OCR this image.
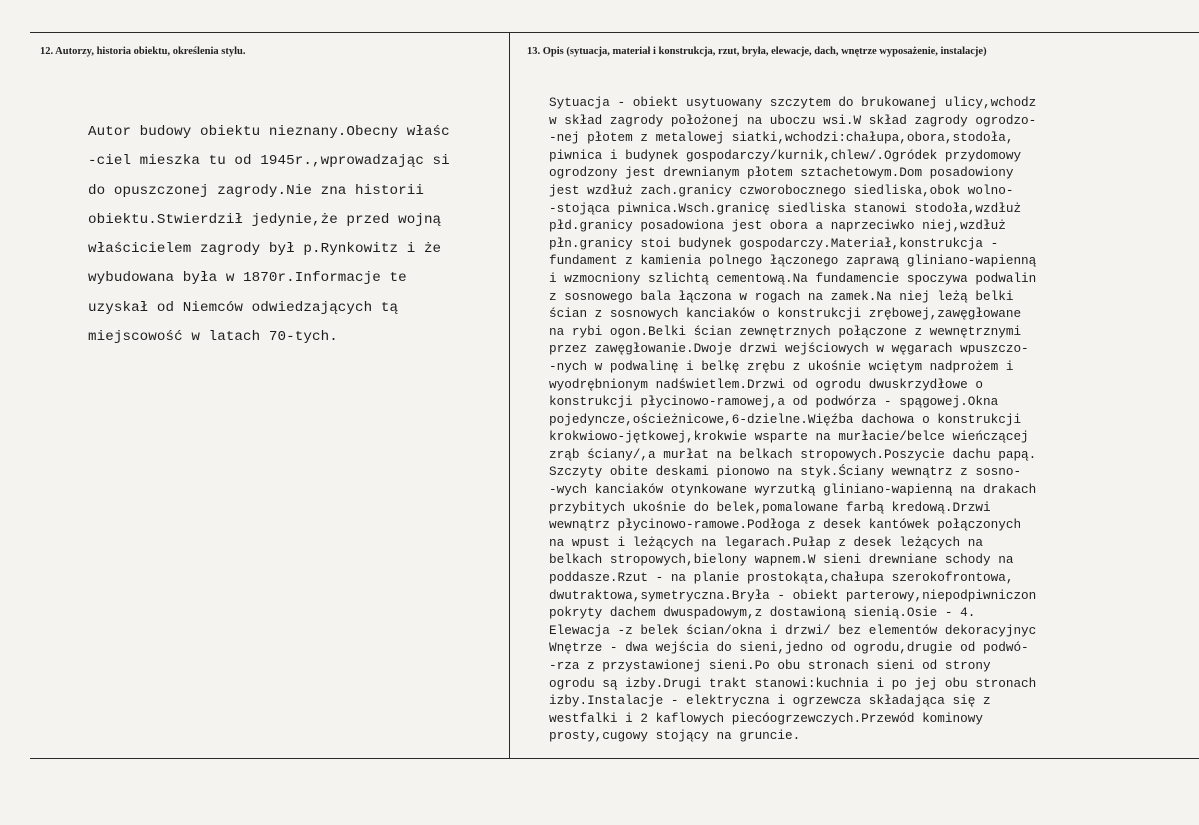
12. Autorzy, historia obiektu, określenia stylu.	13. Opis (sytuacja, materiał i konstrukcja, rzut, bryła, elewacje, dach, wnętrze wyposażenie, instalacje)
Autor budowy obiektu nieznany.Obecny właśc
-ciel mieszka tu od 1945r.,wprowadzając si
do opuszczonej zagrody.Nie zna historii
obiektu.Stwierdził jedynie,że przed wojną
właścicielem zagrody był p.Rynkowitz i że
wybudowana była w 1870r.Informacje te
uzyskał od Niemców odwiedzających tą
miejscowość w latach 70-tych.
Sytuacja - obiekt usytuowany szczytem do brukowanej ulicy,wchodz
w skład zagrody położonej na uboczu wsi.W skład zagrody ogrodzo-
-nej płotem z metalowej siatki,wchodzi:chałupa,obora,stodoła,
piwnica i budynek gospodarczy/kurnik,chlew/.Ogródek przydomowy
ogrodzony jest drewnianym płotem sztachetowym.Dom posadowiony
jest wzdłuż zach.granicy czworobocznego siedliska,obok wolno-
-stojąca piwnica.Wsch.granicę siedliska stanowi stodoła,wzdłuż
płd.granicy posadowiona jest obora a naprzeciwko niej,wzdłuż
płn.granicy stoi budynek gospodarczy.Materiał,konstrukcja -
fundament z kamienia polnego łączonego zaprawą gliniano-wapienną
i wzmocniony szlichtą cementową.Na fundamencie spoczywa podwalin
z sosnowego bala łączona w rogach na zamek.Na niej leżą belki
ścian z sosnowych kanciaków o konstrukcji zrębowej,zawęgłowane
na rybi ogon.Belki ścian zewnętrznych połączone z wewnętrznymi
przez zawęgłowanie.Dwoje drzwi wejściowych w węgarach wpuszczo-
-nych w podwalinę i belkę zrębu z ukośnie wciętym nadprożem i
wyodrębnionym nadświetlem.Drzwi od ogrodu dwuskrzydłowe o
konstrukcji płycinowo-ramowej,a od podwórza - spągowej.Okna
pojedyncze,ościeżnicowe,6-dzielne.Więźba dachowa o konstrukcji
krokwiowo-jętkowej,krokwie wsparte na murłacie/belce wieńczącej
zrąb ściany/,a murłat na belkach stropowych.Poszycie dachu papą.
Szczyty obite deskami pionowo na styk.Ściany wewnątrz z sosno-
-wych kanciaków otynkowane wyrzutką gliniano-wapienną na drakach
przybitych ukośnie do belek,pomalowane farbą kredową.Drzwi
wewnątrz płycinowo-ramowe.Podłoga z desek kantówek połączonych
na wpust i leżących na legarach.Pułap z desek leżących na
belkach stropowych,bielony wapnem.W sieni drewniane schody na
poddasze.Rzut - na planie prostokąta,chałupa szerokofrontowa,
dwutraktowa,symetryczna.Bryła - obiekt parterowy,niepodpiwniczon
pokryty dachem dwuspadowym,z dostawioną sienią.Osie - 4.
Elewacja -z belek ścian/okna i drzwi/ bez elementów dekoracyjnyc
Wnętrze - dwa wejścia do sieni,jedno od ogrodu,drugie od podwó-
-rza z przystawionej sieni.Po obu stronach sieni od strony
ogrodu są izby.Drugi trakt stanowi:kuchnia i po jej obu stronach
izby.Instalacje - elektryczna i ogrzewcza składająca się z
westfalki i 2 kaflowych piecóogrzewczych.Przewód kominowy
prosty,cugowy stojący na gruncie.
